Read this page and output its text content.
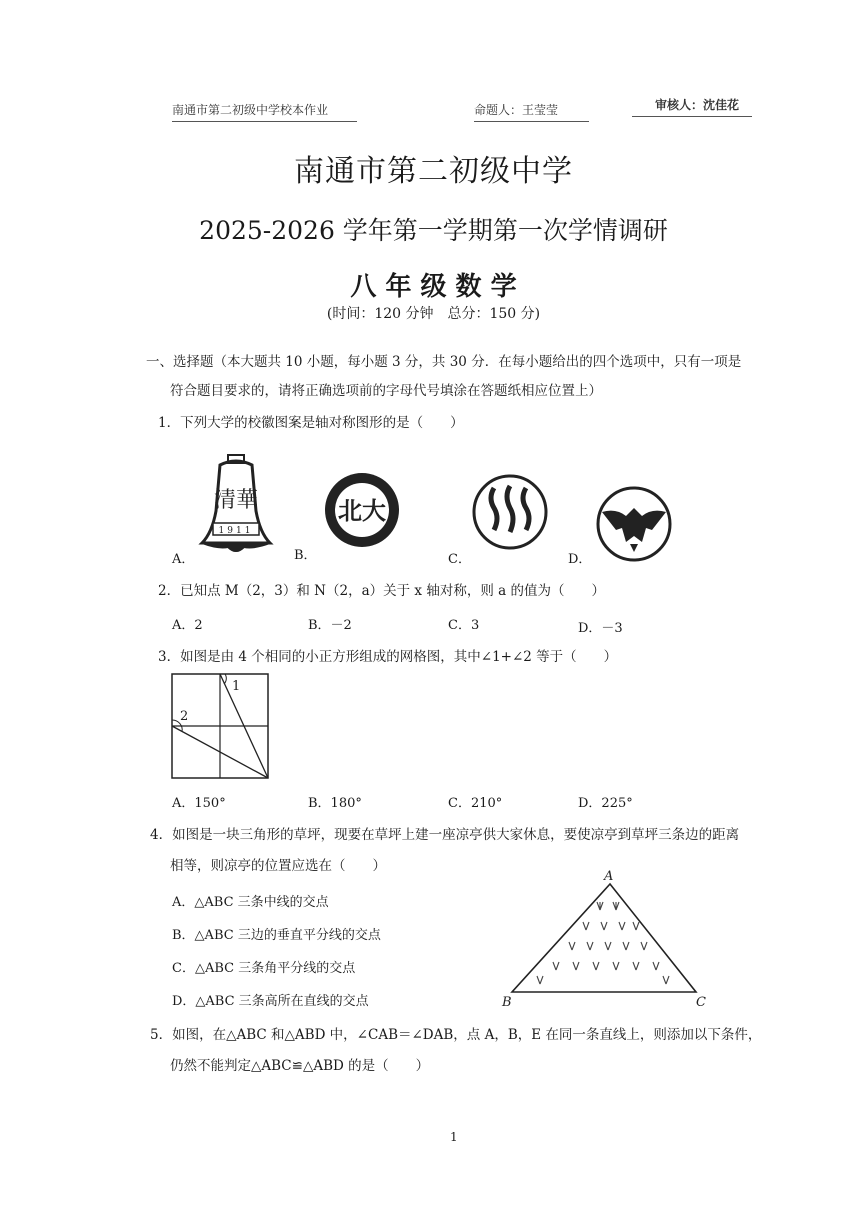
南通市第二初级中学校本作业	命题人：王莹莹	审核人：沈佳花
南通市第二初级中学
2025-2026 学年第一学期第一次学情调研
八 年 级 数 学
(时间：120 分钟　总分：150 分)
一、选择题（本大题共 10 小题，每小题 3 分，共 30 分．在每小题给出的四个选项中，只有一项是
符合题目要求的，请将正确选项前的字母代号填涂在答题纸相应位置上）
1．下列大学的校徽图案是轴对称图形的是（　　）
清華
1911
A．
北大
B．
人民
C．	D．
2．已知点 M（2，3）和 N（2，a）关于 x 轴对称，则 a 的值为（　　）
A．2	B．－2	C．3	D．－3
3．如图是由 4 个相同的小正方形组成的网格图，其中∠1+∠2 等于（　　）
1
2
A．150°	B．180°	C．210°	D．225°
4．如图是一块三角形的草坪，现要在草坪上建一座凉亭供大家休息，要使凉亭到草坪三条边的距离
相等，则凉亭的位置应选在（　　）
A．△ABC 三条中线的交点
B．△ABC 三边的垂直平分线的交点
C．△ABC 三条角平分线的交点
D．△ABC 三条高所在直线的交点
A
B	C
5．如图，在△ABC 和△ABD 中，∠CAB＝∠DAB，点 A，B，E 在同一条直线上，则添加以下条件，
仍然不能判定△ABC≌△ABD 的是（　　）
1
